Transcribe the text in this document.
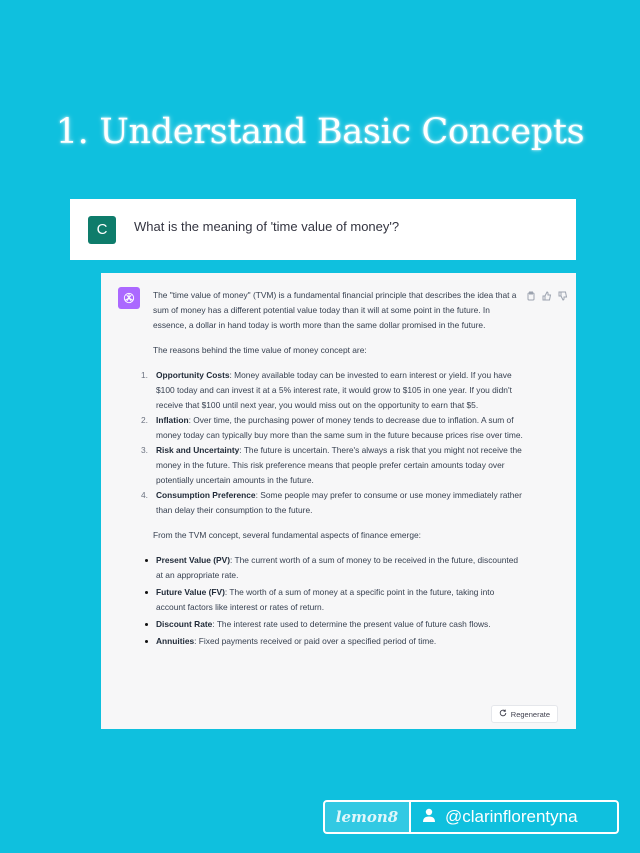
1. Understand Basic Concepts
C	What is the meaning of 'time value of money'?

The "time value of money" (TVM) is a fundamental financial principle that describes the idea that a sum of money has a different potential value today than it will at some point in the future. In essence, a dollar in hand today is worth more than the same dollar promised in the future.

The reasons behind the time value of money concept are:

1. Opportunity Costs: Money available today can be invested to earn interest or yield. If you have $100 today and can invest it at a 5% interest rate, it would grow to $105 in one year. If you didn't receive that $100 until next year, you would miss out on the opportunity to earn that $5.
2. Inflation: Over time, the purchasing power of money tends to decrease due to inflation. A sum of money today can typically buy more than the same sum in the future because prices rise over time.
3. Risk and Uncertainty: The future is uncertain. There's always a risk that you might not receive the money in the future. This risk preference means that people prefer certain amounts today over potentially uncertain amounts in the future.
4. Consumption Preference: Some people may prefer to consume or use money immediately rather than delay their consumption to the future.

From the TVM concept, several fundamental aspects of finance emerge:

Present Value (PV): The current worth of a sum of money to be received in the future, discounted at an appropriate rate.
Future Value (FV): The worth of a sum of money at a specific point in the future, taking into account factors like interest or rates of return.
Discount Rate: The interest rate used to determine the present value of future cash flows.
Annuities: Fixed payments received or paid over a specified period of time.
Regenerate
lemon8	@clarinflorentyna
